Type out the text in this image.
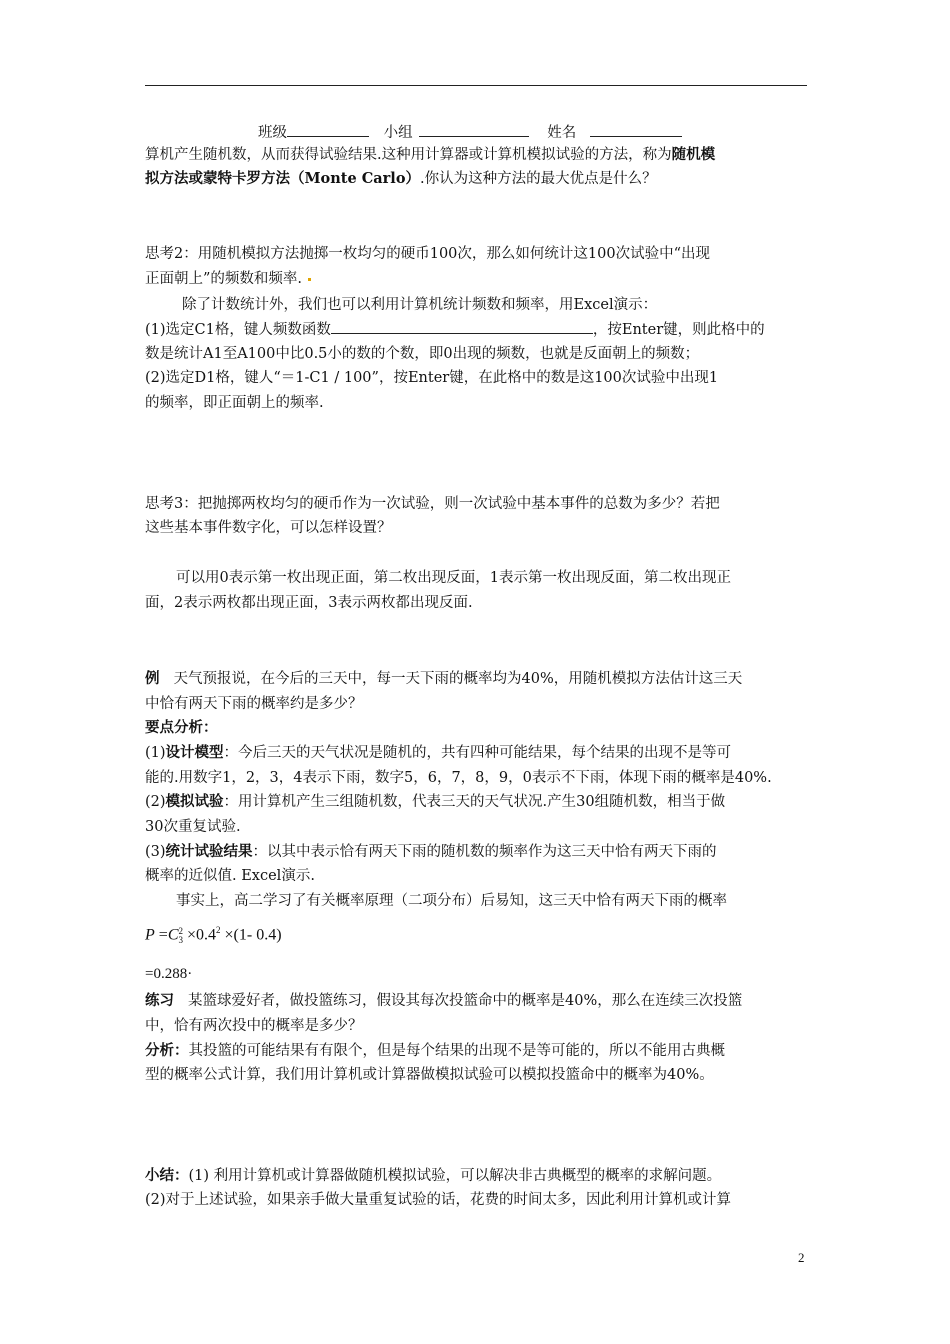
班级	小组	姓名
算机产生随机数，从而获得试验结果.这种用计算器或计算机模拟试验的方法，称为随机模
拟方法或蒙特卡罗方法（Monte Carlo）.你认为这种方法的最大优点是什么？
思考2：用随机模拟方法抛掷一枚均匀的硬币100次，那么如何统计这100次试验中“出现
正面朝上”的频数和频率.
除了计数统计外，我们也可以利用计算机统计频数和频率，用Excel演示：
(1)选定C1格，键人频数函数	，按Enter键，则此格中的
数是统计A1至A100中比0.5小的数的个数，即0出现的频数，也就是反面朝上的频数；
(2)选定D1格，键人“＝1-C1 / 100”，按Enter键，在此格中的数是这100次试验中出现1
的频率，即正面朝上的频率.
思考3：把抛掷两枚均匀的硬币作为一次试验，则一次试验中基本事件的总数为多少？若把
这些基本事件数字化，可以怎样设置？
可以用0表示第一枚出现正面，第二枚出现反面，1表示第一枚出现反面，第二枚出现正
面，2表示两枚都出现正面，3表示两枚都出现反面.
例 天气预报说，在今后的三天中，每一天下雨的概率均为40%，用随机模拟方法估计这三天
中恰有两天下雨的概率约是多少？
要点分析：
(1)设计模型：今后三天的天气状况是随机的，共有四种可能结果，每个结果的出现不是等可
能的.用数字1，2，3，4表示下雨，数字5，6，7，8，9，0表示不下雨，体现下雨的概率是40%.
(2)模拟试验：用计算机产生三组随机数，代表三天的天气状况.产生30组随机数，相当于做
30次重复试验.
(3)统计试验结果：以其中表示恰有两天下雨的随机数的频率作为这三天中恰有两天下雨的
概率的近似值. Excel演示.
事实上，高二学习了有关概率原理（二项分布）后易知，这三天中恰有两天下雨的概率
P =C 2
$3 \times 0.4^2 \times(1-$ 0.4)
=0.288·
练习 某篮球爱好者，做投篮练习，假设其每次投篮命中的概率是40%，那么在连续三次投篮
中，恰有两次投中的概率是多少？
分析：其投篮的可能结果有有限个，但是每个结果的出现不是等可能的，所以不能用古典概
型的概率公式计算，我们用计算机或计算器做模拟试验可以模拟投篮命中的概率为40%。
小结：(1) 利用计算机或计算器做随机模拟试验，可以解决非古典概型的概率的求解问题。
(2)对于上述试验，如果亲手做大量重复试验的话，花费的时间太多，因此利用计算机或计算
2
